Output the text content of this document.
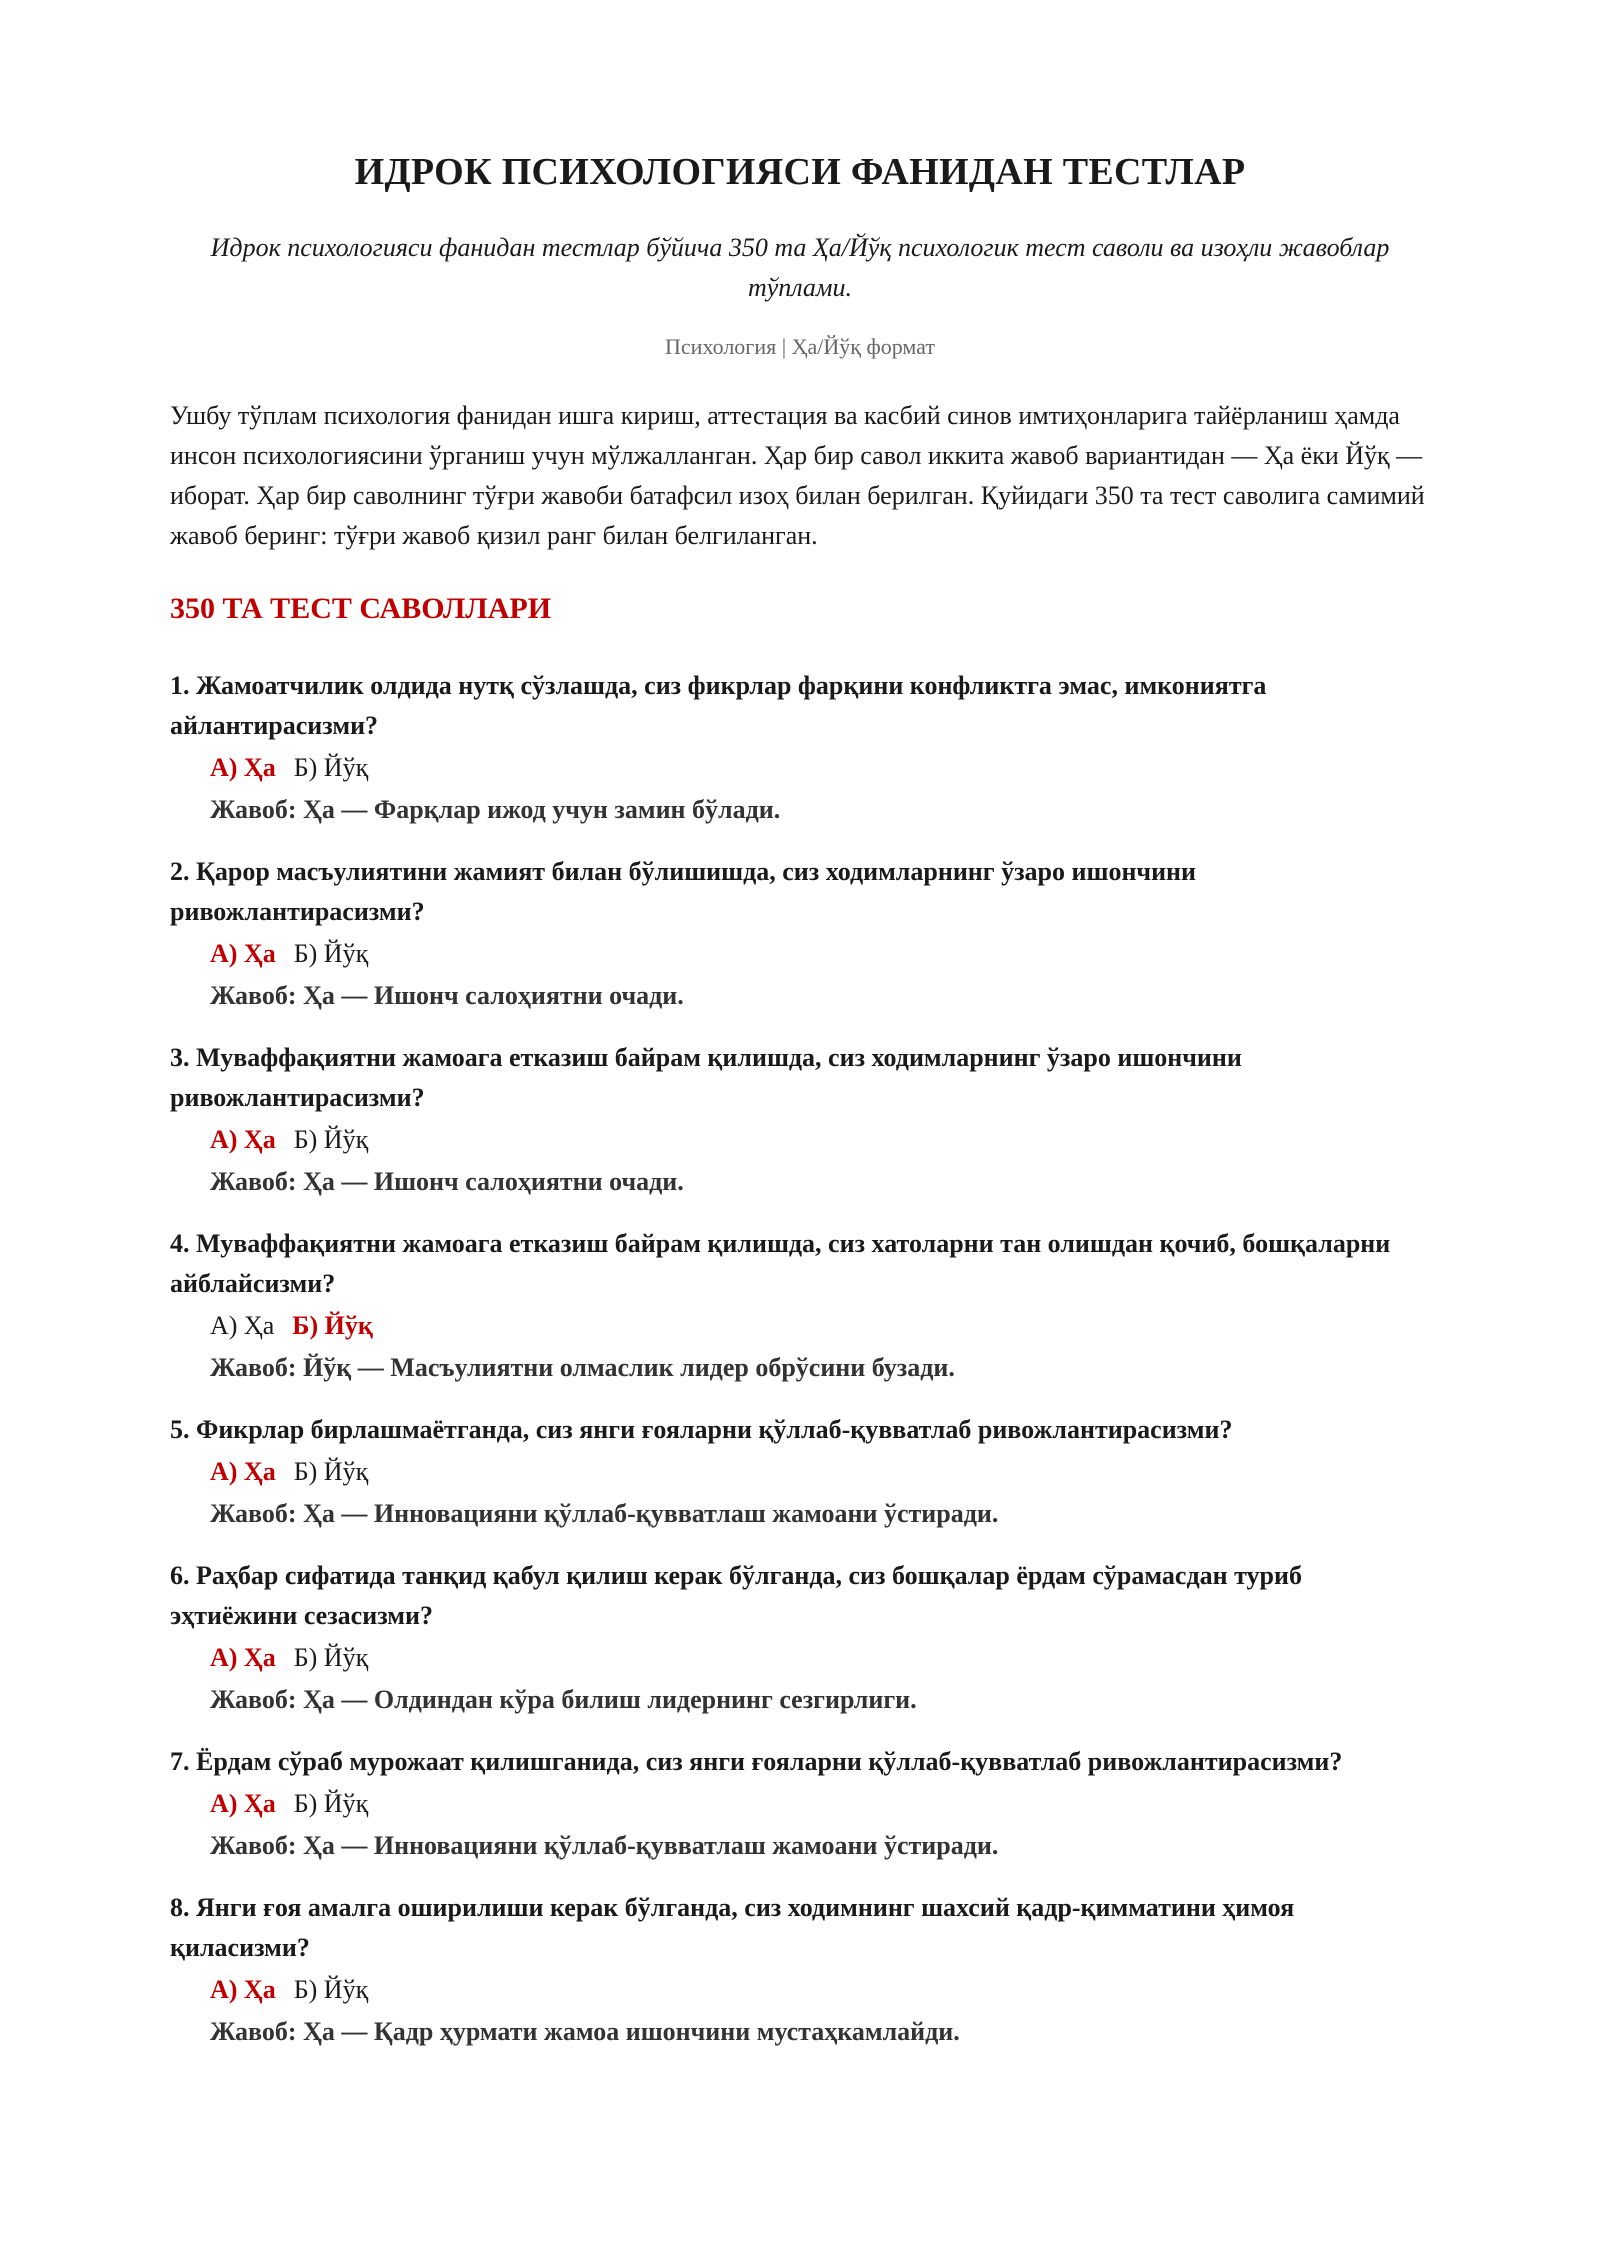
ИДРОК ПСИХОЛОГИЯСИ ФАНИДАН ТЕСТЛАР
Идрок психологияси фанидан тестлар бўйича 350 та Ҳа/Йўқ психологик тест саволи ва изоҳли жавоблар тўплами.
Психология | Ҳа/Йўқ формат

Ушбу тўплам психология фанидан ишга кириш, аттестация ва касбий синов имтиҳонларига тайёрланиш ҳамда инсон психологиясини ўрганиш учун мўлжалланган. Ҳар бир савол иккита жавоб вариантидан — Ҳа ёки Йўқ — иборат. Ҳар бир саволнинг тўғри жавоби батафсил изоҳ билан берилган. Қуйидаги 350 та тест саволига самимий жавоб беринг: тўғри жавоб қизил ранг билан белгиланган.

350 ТА ТЕСТ САВОЛЛАРИ

1. Жамоатчилик олдида нутқ сўзлашда, сиз фикрлар фарқини конфликтга эмас, имкониятга айлантирасизми?

А) Ҳа Б) Йўқ
Жавоб: Ҳа — Фарқлар ижод учун замин бўлади.

2. Қарор масъулиятини жамият билан бўлишишда, сиз ходимларнинг ўзаро ишончини ривожлантирасизми?

А) Ҳа Б) Йўқ
Жавоб: Ҳа — Ишонч салоҳиятни очади.

3. Муваффақиятни жамоага етказиш байрам қилишда, сиз ходимларнинг ўзаро ишончини ривожлантирасизми?

А) Ҳа Б) Йўқ
Жавоб: Ҳа — Ишонч салоҳиятни очади.

4. Муваффақиятни жамоага етказиш байрам қилишда, сиз хатоларни тан олишдан қочиб, бошқаларни айблайсизми?

А) Ҳа Б) Йўқ
Жавоб: Йўқ — Масъулиятни олмаслик лидер обрўсини бузади.

5. Фикрлар бирлашмаётганда, сиз янги ғояларни қўллаб-қувватлаб ривожлантирасизми?

А) Ҳа Б) Йўқ
Жавоб: Ҳа — Инновацияни қўллаб-қувватлаш жамоани ўстиради.

6. Раҳбар сифатида танқид қабул қилиш керак бўлганда, сиз бошқалар ёрдам сўрамасдан туриб эҳтиёжини сезасизми?

А) Ҳа Б) Йўқ
Жавоб: Ҳа — Олдиндан кўра билиш лидернинг сезгирлиги.

7. Ёрдам сўраб мурожаат қилишганида, сиз янги ғояларни қўллаб-қувватлаб ривожлантирасизми?

А) Ҳа Б) Йўқ
Жавоб: Ҳа — Инновацияни қўллаб-қувватлаш жамоани ўстиради.

8. Янги ғоя амалга оширилиши керак бўлганда, сиз ходимнинг шахсий қадр-қимматини ҳимоя қиласизми?

А) Ҳа Б) Йўқ
Жавоб: Ҳа — Қадр ҳурмати жамоа ишончини мустаҳкамлайди.
